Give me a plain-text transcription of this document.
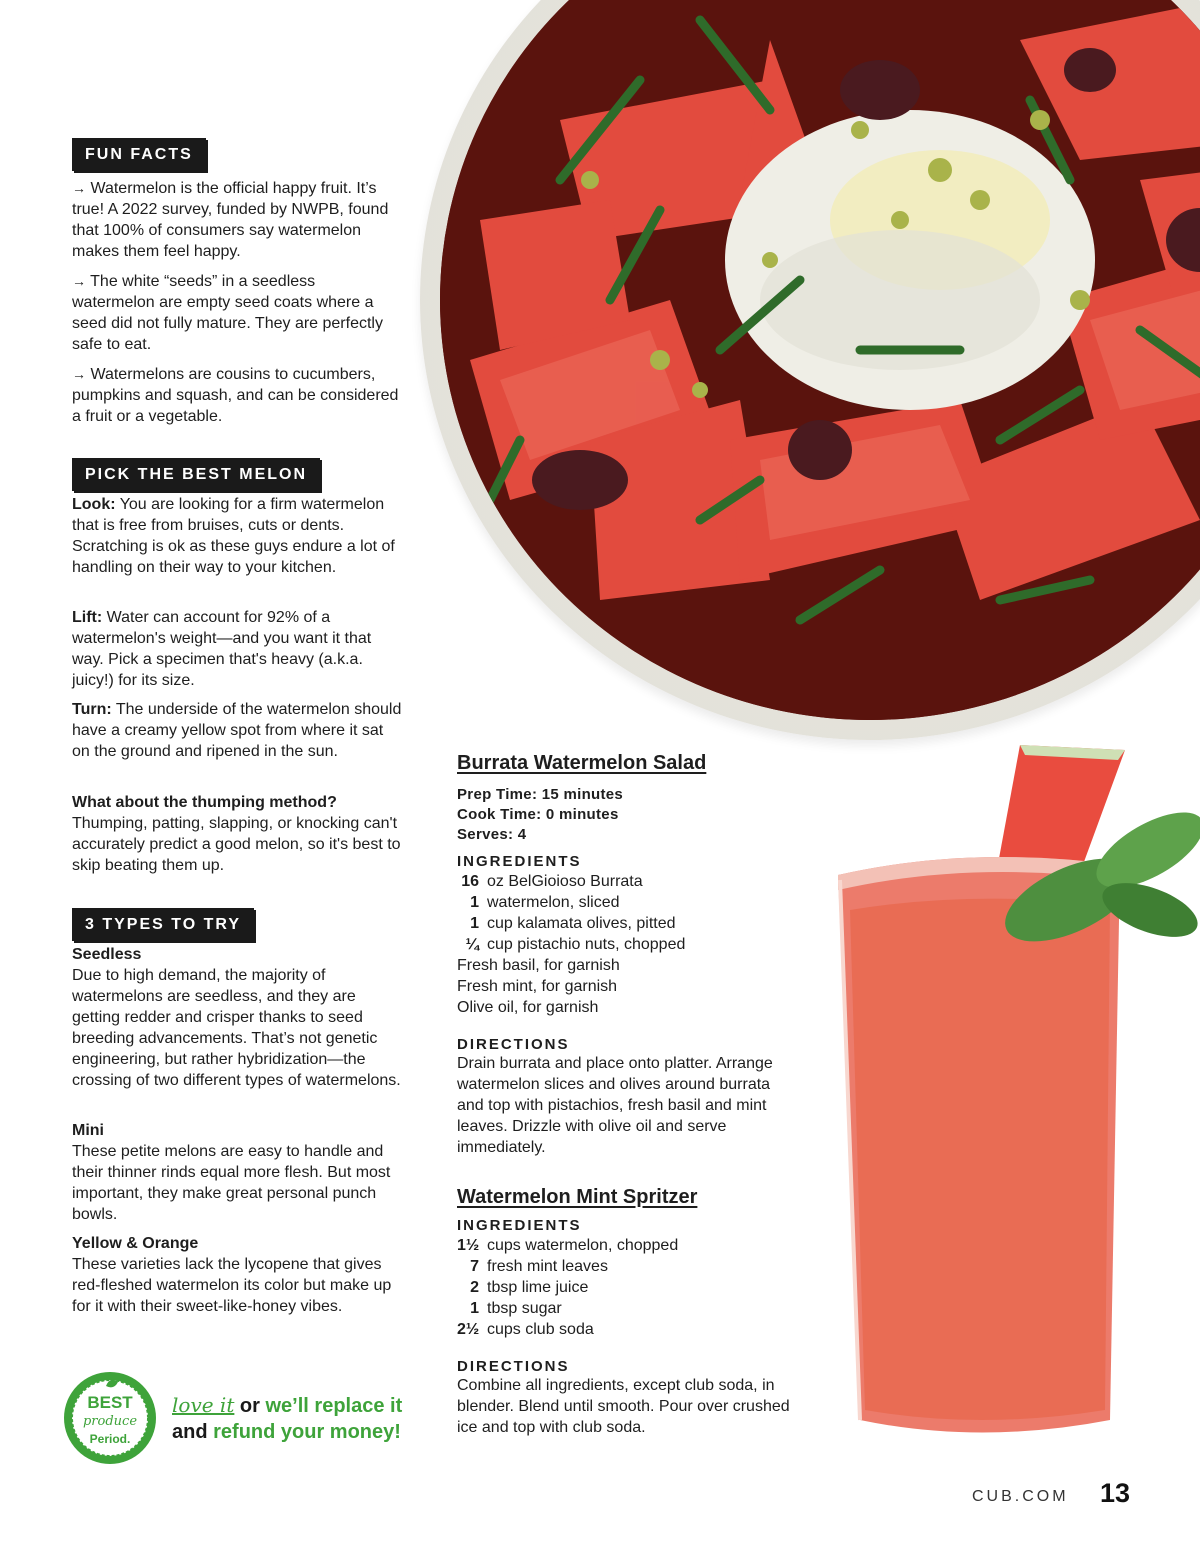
FUN FACTS

→ Watermelon is the official happy fruit. It’s true! A 2022 survey, funded by NWPB, found that 100% of consumers say watermelon makes them feel happy.

→ The white “seeds” in a seedless watermelon are empty seed coats where a seed did not fully mature. They are perfectly safe to eat.

→ Watermelons are cousins to cucumbers, pumpkins and squash, and can be considered a fruit or a vegetable.

PICK THE BEST MELON

Look: You are looking for a firm watermelon that is free from bruises, cuts or dents. Scratching is ok as these guys endure a lot of handling on their way to your kitchen.

Lift: Water can account for 92% of a watermelon's weight—and you want it that way. Pick a specimen that's heavy (a.k.a. juicy!) for its size.

Turn: The underside of the watermelon should have a creamy yellow spot from where it sat on the ground and ripened in the sun.

What about the thumping method?

Thumping, patting, slapping, or knocking can't accurately predict a good melon, so it's best to skip beating them up.

3 TYPES TO TRY

Seedless

Due to high demand, the majority of watermelons are seedless, and they are getting redder and crisper thanks to seed breeding advancements. That’s not genetic engineering, but rather hybridization—the crossing of two different types of watermelons.

Mini

These petite melons are easy to handle and their thinner rinds equal more flesh. But most important, they make great personal punch bowls.

Yellow & Orange

These varieties lack the lycopene that gives red-fleshed watermelon its color but make up for it with their sweet-like-honey vibes.

BEST
produce
Period.
love it or we’ll replace it
and refund your money!

Burrata Watermelon Salad

Prep Time: 15 minutes

Cook Time: 0 minutes

Serves: 4

INGREDIENTS

16 oz BelGioioso Burrata

1 watermelon, sliced

1 cup kalamata olives, pitted

¼ cup pistachio nuts, chopped

Fresh basil, for garnish

Fresh mint, for garnish

Olive oil, for garnish

DIRECTIONS

Drain burrata and place onto platter. Arrange watermelon slices and olives around burrata and top with pistachios, fresh basil and mint leaves. Drizzle with olive oil and serve immediately.

Watermelon Mint Spritzer

INGREDIENTS

1½ cups watermelon, chopped

7 fresh mint leaves

2 tbsp lime juice

1 tbsp sugar

2½ cups club soda

DIRECTIONS

Combine all ingredients, except club soda, in blender. Blend until smooth. Pour over crushed ice and top with club soda.

CUB.COM 13
